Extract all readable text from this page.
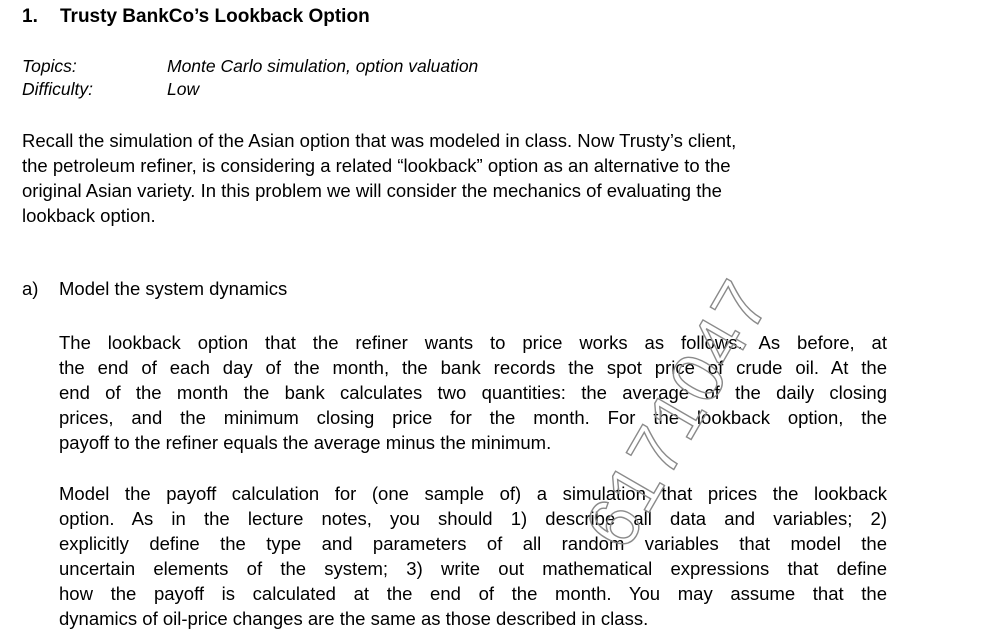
1. Trusty BankCo’s Lookback Option
Topics:	Monte Carlo simulation, option valuation
Difficulty:	Low
Recall the simulation of the Asian option that was modeled in class. Now Trusty’s client,
the petroleum refiner, is considering a related “lookback” option as an alternative to the
original Asian variety. In this problem we will consider the mechanics of evaluating the
lookback option.
a) Model the system dynamics
The lookback option that the refiner wants to price works as follows. As before, at
the end of each day of the month, the bank records the spot price of crude oil. At the
end of the month the bank calculates two quantities: the average of the daily closing
prices, and the minimum closing price for the month. For the lookback option, the
payoff to the refiner equals the average minus the minimum.
Model the payoff calculation for (one sample of) a simulation that prices the lookback
option. As in the lecture notes, you should 1) describe all data and variables; 2)
explicitly define the type and parameters of all random variables that model the
uncertain elements of the system; 3) write out mathematical expressions that define
how the payoff is calculated at the end of the month. You may assume that the
dynamics of oil-price changes are the same as those described in class.
6171047
